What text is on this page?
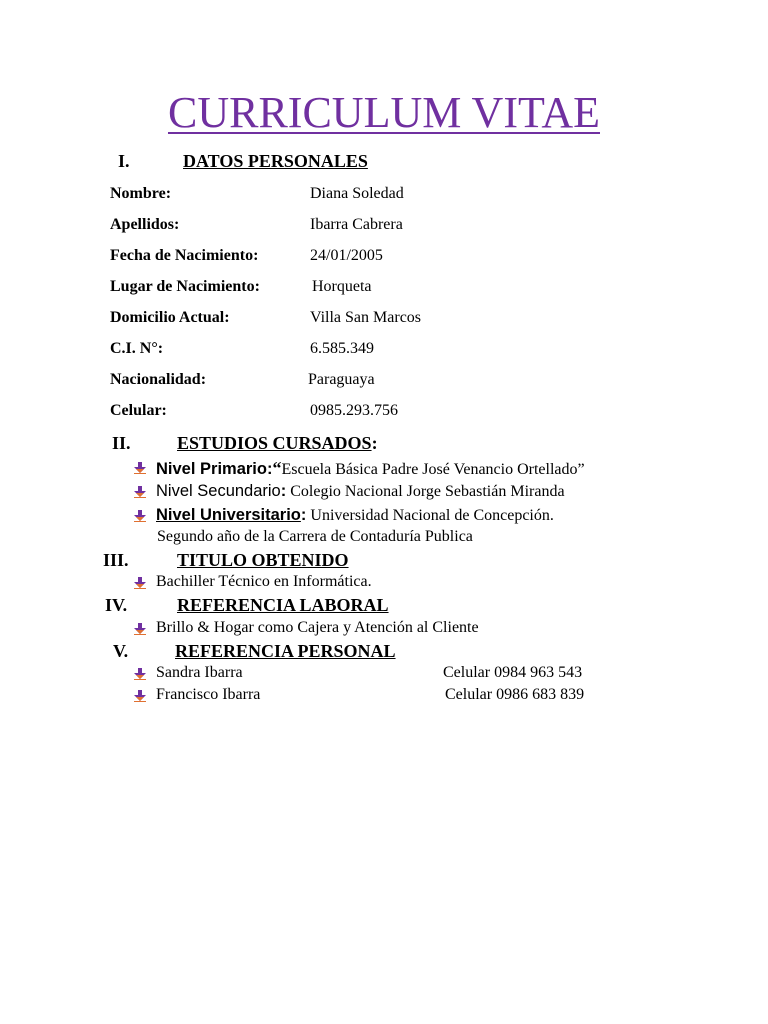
CURRICULUM VITAE
I.	DATOS PERSONALES
Nombre:	Diana Soledad
Apellidos:	Ibarra Cabrera
Fecha de Nacimiento:	24/01/2005
Lugar de Nacimiento:	Horqueta
Domicilio Actual:	Villa San Marcos
C.I. N°:	6.585.349
Nacionalidad:	Paraguaya
Celular:	0985.293.756
II.	ESTUDIOS CURSADOS:
Nivel Primario:“Escuela Básica Padre José Venancio Ortellado”
Nivel Secundario: Colegio Nacional Jorge Sebastián Miranda
Nivel Universitario: Universidad Nacional de Concepción.
Segundo año de la Carrera de Contaduría Publica
III.	TITULO OBTENIDO
Bachiller Técnico en Informática.
IV.	REFERENCIA LABORAL
Brillo & Hogar como Cajera y Atención al Cliente
V.	REFERENCIA PERSONAL
Sandra Ibarra	Celular 0984 963 543
Francisco Ibarra	Celular 0986 683 839
